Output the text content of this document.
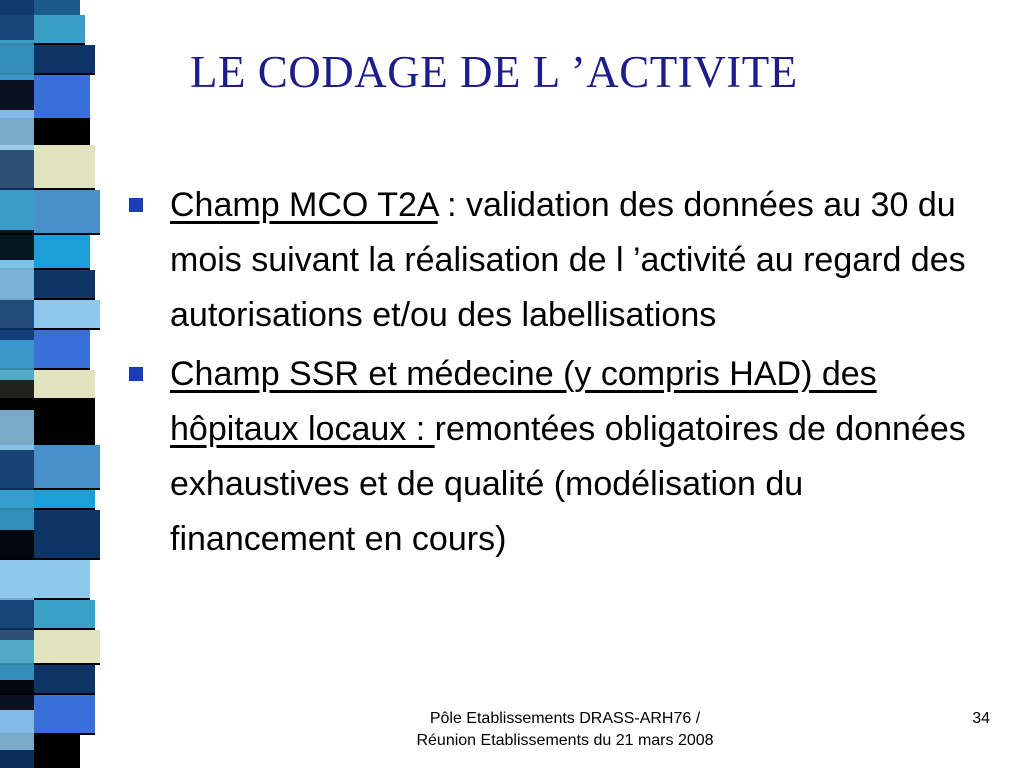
LE CODAGE DE L ’ACTIVITE
Champ MCO T2A : validation des données au 30 du mois suivant la réalisation de l ’activité au regard des autorisations et/ou des labellisations
Champ SSR et médecine (y compris HAD) des hôpitaux locaux : remontées obligatoires de données exhaustives et de qualité (modélisation du financement en cours)
Pôle Etablissements DRASS-ARH76 / Réunion Etablissements du 21 mars 2008
34
